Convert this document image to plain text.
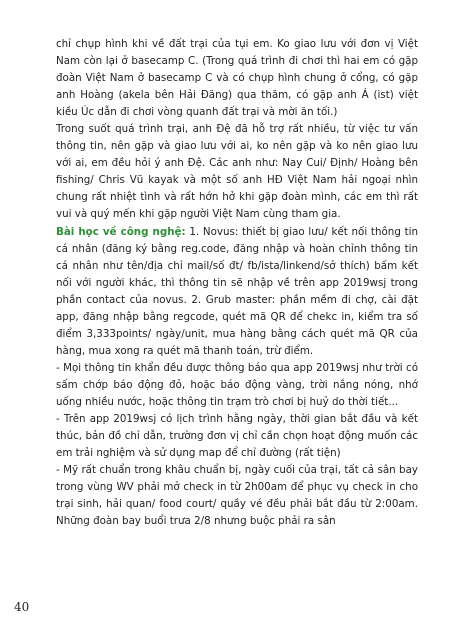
chỉ chụp hình khi về đất trại của tụi em. Ko giao lưu với đơn vị Việt Nam còn lại ở basecamp C. (Trong quá trình đi chơi thì hai em có gặp đoàn Việt Nam ở basecamp C và có chụp hình chung ở cổng, có gặp anh Hoàng (akela bên Hải Đăng) qua thăm, có gặp anh Á (ist) việt kiều Úc dẫn đi chơi vòng quanh đất trại và mời ăn tối.)

Trong suốt quá trình trại, anh Đệ đã hỗ trợ rất nhiều, từ việc tư vấn thông tin, nên gặp và giao lưu với ai, ko nên gặp và ko nên giao lưu với ai, em đều hỏi ý anh Đệ. Các anh như: Nay Cui/ Định/ Hoàng bên fishing/ Chris Vũ kayak và một số anh HĐ Việt Nam hải ngoại nhìn chung rất nhiệt tình và rất hớn hở khi gặp đoàn mình, các em thì rất vui và quý mến khi gặp người Việt Nam cùng tham gia.

Bài học về công nghệ: 1. Novus: thiết bị giao lưu/ kết nối thông tin cá nhân (đăng ký bằng reg.code, đăng nhập và hoàn chỉnh thông tin cá nhân như tên/địa chỉ mail/số đt/ fb/ista/linkend/sở thích) bấm kết nối với người khác, thì thông tin sẽ nhập về trên app 2019wsj trong phần contact của novus. 2. Grub master: phần mềm đi chợ, cài đặt app, đăng nhập bằng regcode, quét mã QR để chekc in, kiểm tra số điểm 3,333points/ ngày/unit, mua hàng bằng cách quét mã QR của hàng, mua xong ra quét mã thanh toán, trừ điểm.

- Mọi thông tin khẩn đều được thông báo qua app 2019wsj như trời có sấm chớp báo động đỏ, hoặc báo động vàng, trời nắng nóng, nhớ uống nhiều nước, hoặc thông tin trạm trò chơi bị huỷ do thời tiết...

- Trên app 2019wsj có lịch trình hằng ngày, thời gian bắt đầu và kết thúc, bản đồ chỉ dẫn, trường đơn vị chỉ cần chọn hoạt động muốn các em trải nghiệm và sử dụng map để chỉ đường (rất tiện)

- Mỹ rất chuẩn trong khâu chuẩn bị, ngày cuối của trại, tất cả sân bay trong vùng WV phải mở check in từ 2h00am để phục vụ check in cho trại sinh, hải quan/ food court/ quầy vé đều phải bắt đầu từ 2:00am. Những đoàn bay buổi trưa 2/8 nhưng buộc phải ra sân

40
